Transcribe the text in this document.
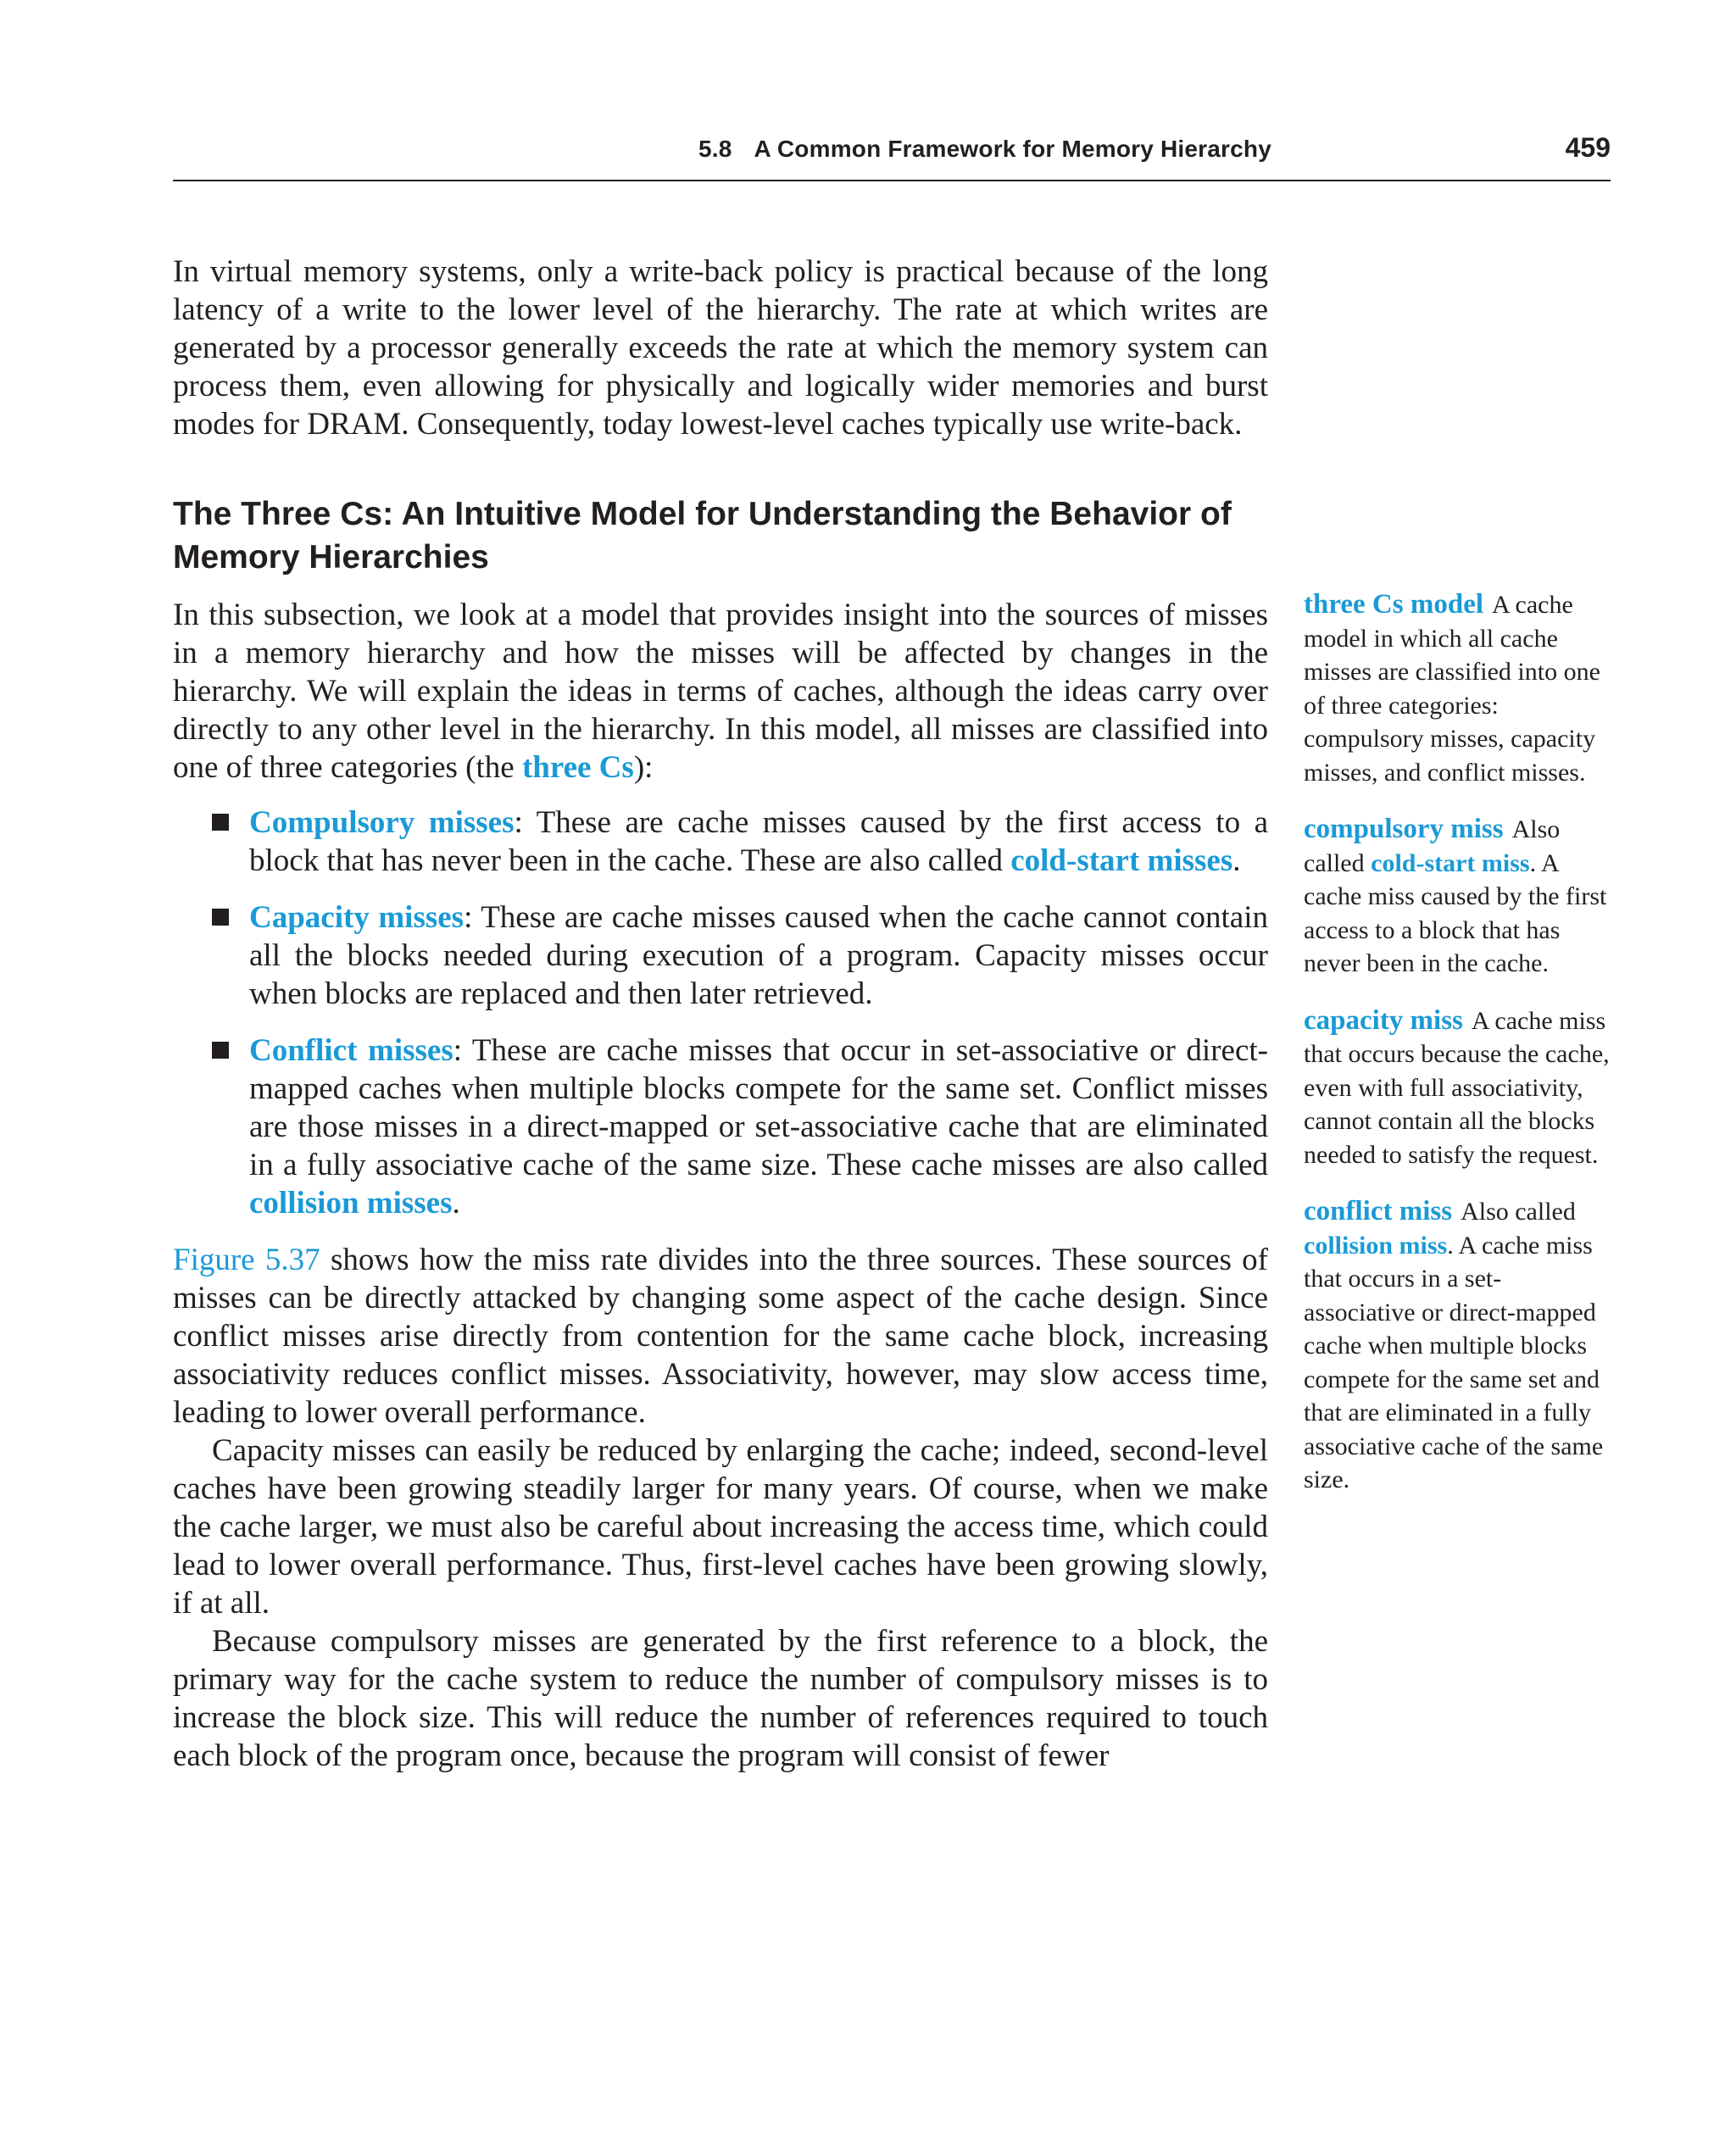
5.8 A Common Framework for Memory Hierarchy	459

In virtual memory systems, only a write-back policy is practical because of the long latency of a write to the lower level of the hierarchy. The rate at which writes are generated by a processor generally exceeds the rate at which the memory system can process them, even allowing for physically and logically wider memories and burst modes for DRAM. Consequently, today lowest-level caches typically use write-back.

The Three Cs: An Intuitive Model for Understanding the Behavior of Memory Hierarchies

In this subsection, we look at a model that provides insight into the sources of misses in a memory hierarchy and how the misses will be affected by changes in the hierarchy. We will explain the ideas in terms of caches, although the ideas carry over directly to any other level in the hierarchy. In this model, all misses are classified into one of three categories (the three Cs):

Compulsory misses: These are cache misses caused by the first access to a block that has never been in the cache. These are also called cold-start misses.

Capacity misses: These are cache misses caused when the cache cannot contain all the blocks needed during execution of a program. Capacity misses occur when blocks are replaced and then later retrieved.

Conflict misses: These are cache misses that occur in set-associative or direct-mapped caches when multiple blocks compete for the same set. Conflict misses are those misses in a direct-mapped or set-associative cache that are eliminated in a fully associative cache of the same size. These cache misses are also called collision misses.

Figure 5.37 shows how the miss rate divides into the three sources. These sources of misses can be directly attacked by changing some aspect of the cache design. Since conflict misses arise directly from contention for the same cache block, increasing associativity reduces conflict misses. Associativity, however, may slow access time, leading to lower overall performance.

Capacity misses can easily be reduced by enlarging the cache; indeed, second-level caches have been growing steadily larger for many years. Of course, when we make the cache larger, we must also be careful about increasing the access time, which could lead to lower overall performance. Thus, first-level caches have been growing slowly, if at all.

Because compulsory misses are generated by the first reference to a block, the primary way for the cache system to reduce the number of compulsory misses is to increase the block size. This will reduce the number of references required to touch each block of the program once, because the program will consist of fewer

three Cs model A cache model in which all cache misses are classified into one of three categories: compulsory misses, capacity misses, and conflict misses.

compulsory miss Also called cold-start miss. A cache miss caused by the first access to a block that has never been in the cache.

capacity miss A cache miss that occurs because the cache, even with full associativity, cannot contain all the blocks needed to satisfy the request.

conflict miss Also called collision miss. A cache miss that occurs in a set-associative or direct-mapped cache when multiple blocks compete for the same set and that are eliminated in a fully associative cache of the same size.
